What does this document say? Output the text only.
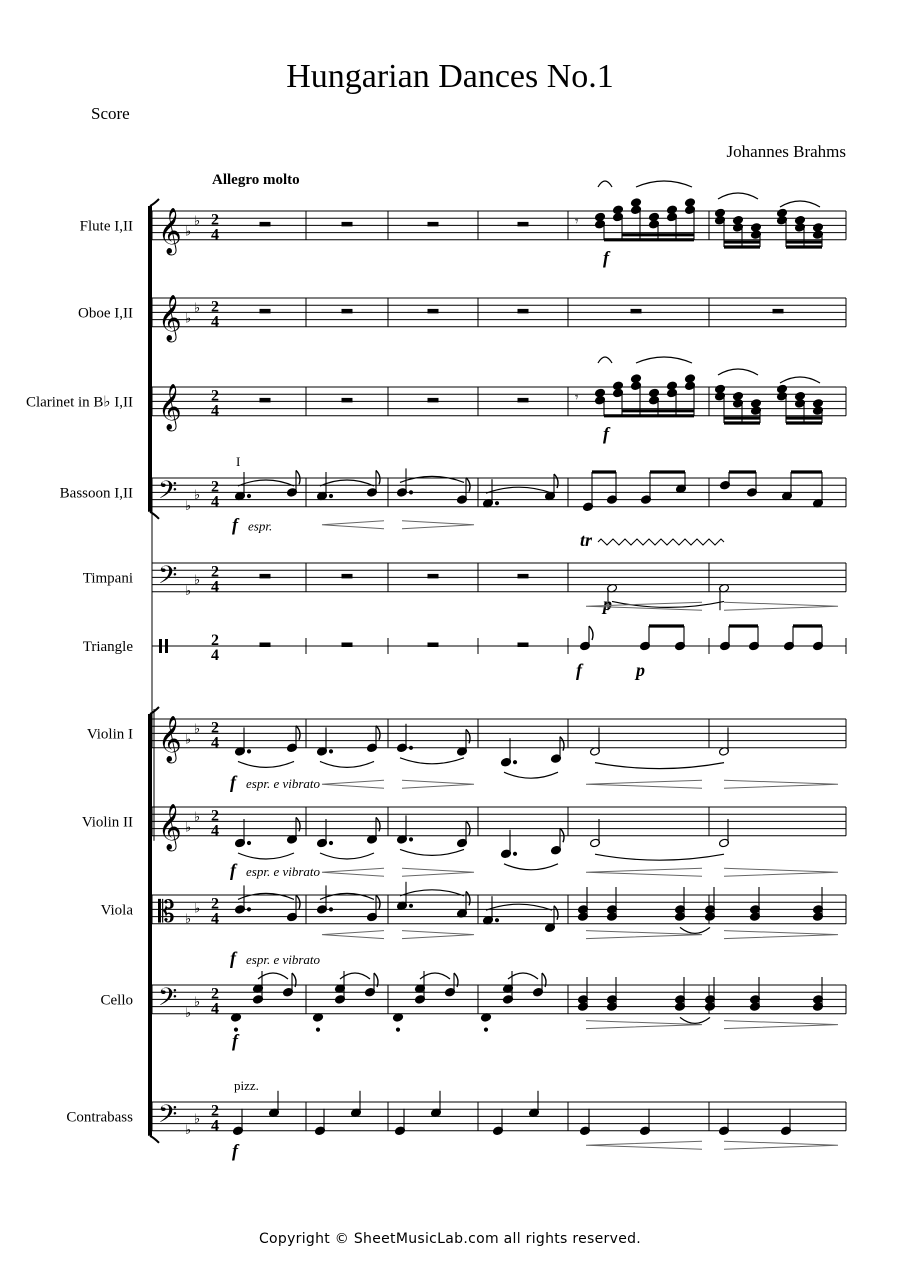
Hungarian Dances No.1
Score
Johannes Brahms
Allegro molto
𝄞 ♭
♭ 2
4
𝄞 ♭
♭ 2
4
𝄞 2
4
𝄢 ♭
♭ 2
4
𝄢 ♭
♭ 2
4
2
4
𝄞 ♭
♭ 2
4
𝄞 ♭
♭ 2
4
𝄡 ♭
♭ 2
4
𝄢 ♭
♭ 2
4
𝄢 ♭
♭ 2
4
Flute I,II
Oboe I,II
Clarinet in B♭ I,II
Bassoon I,II
Timpani
Triangle
Violin I
Violin II
Viola
Cello
Contrabass
tr
f espr. e vibrato
f espr. e vibrato
f espr. e vibrato
f
pizz.
f
𝄾
f
𝄾
f
I
f espr.
p
f	p
Copyright © SheetMusicLab.com all rights reserved.
